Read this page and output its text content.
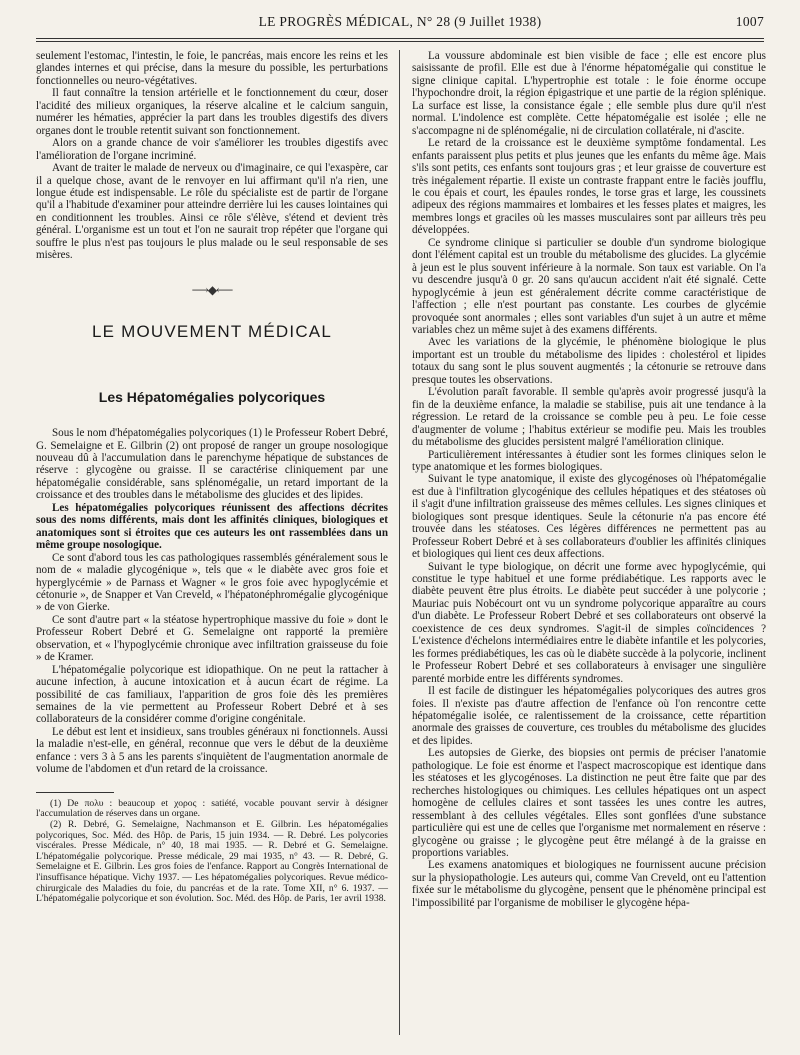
LE PROGRÈS MÉDICAL, N° 28 (9 Juillet 1938)	1007

seulement l'estomac, l'intestin, le foie, le pancréas, mais encore les reins et les glandes internes et qui précise, dans la mesure du possible, les perturbations fonctionnelles ou neuro-végétatives.

Il faut connaître la tension artérielle et le fonctionnement du cœur, doser l'acidité des milieux organiques, la réserve alcaline et le calcium sanguin, numérer les hématies, apprécier la part dans les troubles digestifs des divers organes dont le trouble retentit suivant son fonctionnement.

Alors on a grande chance de voir s'améliorer les troubles digestifs avec l'amélioration de l'organe incriminé.

Avant de traiter le malade de nerveux ou d'imaginaire, ce qui l'exaspère, car il a quelque chose, avant de le renvoyer en lui affirmant qu'il n'a rien, une longue étude est indispensable. Le rôle du spécialiste est de partir de l'organe qu'il a l'habitude d'examiner pour atteindre derrière lui les causes lointaines qui en conditionnent les troubles. Ainsi ce rôle s'élève, s'étend et devient très général. L'organisme est un tout et l'on ne saurait trop répéter que l'organe qui souffre le plus n'est pas toujours le plus malade ou le seul responsable de ses misères.

⟶◆⟵
LE MOUVEMENT MÉDICAL
Les Hépatomégalies polycoriques

Sous le nom d'hépatomégalies polycoriques (1) le Professeur Robert Debré, G. Semelaigne et E. Gilbrin (2) ont proposé de ranger un groupe nosologique nouveau dû à l'accumulation dans le parenchyme hépatique de substances de réserve : glycogène ou graisse. Il se caractérise cliniquement par une hépatomégalie considérable, sans splénomégalie, un retard important de la croissance et des troubles dans le métabolisme des glucides et des lipides.

Les hépatomégalies polycoriques réunissent des affections décrites sous des noms différents, mais dont les affinités cliniques, biologiques et anatomiques sont si étroites que ces auteurs les ont rassemblées dans un même groupe nosologique.

Ce sont d'abord tous les cas pathologiques rassemblés généralement sous le nom de « maladie glycogénique », tels que « le diabète avec gros foie et hyperglycémie » de Parnass et Wagner « le gros foie avec hypoglycémie et cétonurie », de Snapper et Van Creveld, « l'hépatonéphromégalie glycogénique » de von Gierke.

Ce sont d'autre part « la stéatose hypertrophique massive du foie » dont le Professeur Robert Debré et G. Semelaigne ont rapporté la première observation, et « l'hypoglycémie chronique avec infiltration graisseuse du foie » de Kramer.

L'hépatomégalie polycorique est idiopathique. On ne peut la rattacher à aucune infection, à aucune intoxication et à aucun écart de régime. La possibilité de cas familiaux, l'apparition de gros foie dès les premières semaines de la vie permettent au Professeur Robert Debré et à ses collaborateurs de la considérer comme d'origine congénitale.

Le début est lent et insidieux, sans troubles généraux ni fonctionnels. Aussi la maladie n'est-elle, en général, reconnue que vers le début de la deuxième enfance : vers 3 à 5 ans les parents s'inquiètent de l'augmentation anormale de volume de l'abdomen et d'un retard de la croissance.

(1) De πολυ : beaucoup et χορος : satiété, vocable pouvant servir à désigner l'accumulation de réserves dans un organe.

(2) R. Debré, G. Semelaigne, Nachmanson et E. Gilbrin. Les hépatomégalies polycoriques, Soc. Méd. des Hôp. de Paris, 15 juin 1934. — R. Debré. Les polycories viscérales. Presse Médicale, n° 40, 18 mai 1935. — R. Debré et G. Semelaigne. L'hépatomégalie polycorique. Presse médicale, 29 mai 1935, n° 43. — R. Debré, G. Semelaigne et E. Gilbrin. Les gros foies de l'enfance. Rapport au Congrès International de l'insuffisance hépatique. Vichy 1937. — Les hépatomégalies polycoriques. Revue médico-chirurgicale des Maladies du foie, du pancréas et de la rate. Tome XII, n° 6. 1937. — L'hépatomégalie polycorique et son évolution. Soc. Méd. des Hôp. de Paris, 1er avril 1938.

La voussure abdominale est bien visible de face ; elle est encore plus saisissante de profil. Elle est due à l'énorme hépatomégalie qui constitue le signe clinique capital. L'hypertrophie est totale : le foie énorme occupe l'hypochondre droit, la région épigastrique et une partie de la région splénique. La surface est lisse, la consistance égale ; elle semble plus dure qu'il n'est normal. L'indolence est complète. Cette hépatomégalie est isolée ; elle ne s'accompagne ni de splénomégalie, ni de circulation collatérale, ni d'ascite.

Le retard de la croissance est le deuxième symptôme fondamental. Les enfants paraissent plus petits et plus jeunes que les enfants du même âge. Mais s'ils sont petits, ces enfants sont toujours gras ; et leur graisse de couverture est très inégalement répartie. Il existe un contraste frappant entre le faciès joufflu, le cou épais et court, les épaules rondes, le torse gras et large, les coussinets adipeux des régions mammaires et lombaires et les fesses plates et maigres, les membres longs et graciles où les masses musculaires sont par ailleurs très peu développées.

Ce syndrome clinique si particulier se double d'un syndrome biologique dont l'élément capital est un trouble du métabolisme des glucides. La glycémie à jeun est le plus souvent inférieure à la normale. Son taux est variable. On l'a vu descendre jusqu'à 0 gr. 20 sans qu'aucun accident n'ait été signalé. Cette hypoglycémie à jeun est généralement décrite comme caractéristique de l'affection ; elle n'est pourtant pas constante. Les courbes de glycémie provoquée sont anormales ; elles sont variables d'un sujet à un autre et même variables chez un même sujet à des examens différents.

Avec les variations de la glycémie, le phénomène biologique le plus important est un trouble du métabolisme des lipides : cholestérol et lipides totaux du sang sont le plus souvent augmentés ; la cétonurie se retrouve dans presque toutes les observations.

L'évolution paraît favorable. Il semble qu'après avoir progressé jusqu'à la fin de la deuxième enfance, la maladie se stabilise, puis ait une tendance à la régression. Le retard de la croissance se comble peu à peu. Le foie cesse d'augmenter de volume ; l'habitus extérieur se modifie peu. Mais les troubles du métabolisme des glucides persistent malgré l'amélioration clinique.

Particulièrement intéressantes à étudier sont les formes cliniques selon le type anatomique et les formes biologiques.

Suivant le type anatomique, il existe des glycogénoses où l'hépatomégalie est due à l'infiltration glycogénique des cellules hépatiques et des stéatoses où il s'agit d'une infiltration graisseuse des mêmes cellules. Les signes cliniques et biologiques sont presque identiques. Seule la cétonurie n'a pas encore été trouvée dans les stéatoses. Ces légères différences ne permettent pas au Professeur Robert Debré et à ses collaborateurs d'oublier les affinités cliniques et biologiques qui lient ces deux affections.

Suivant le type biologique, on décrit une forme avec hypoglycémie, qui constitue le type habituel et une forme prédiabétique. Les rapports avec le diabète peuvent être plus étroits. Le diabète peut succéder à une polycorie ; Mauriac puis Nobécourt ont vu un syndrome polycorique apparaître au cours d'un diabète. Le Professeur Robert Debré et ses collaborateurs ont observé la coexistence de ces deux syndromes. S'agit-il de simples coïncidences ? L'existence d'échelons intermédiaires entre le diabète infantile et les polycories, les formes prédiabétiques, les cas où le diabète succède à la polycorie, inclinent le Professeur Robert Debré et ses collaborateurs à envisager une singulière parenté morbide entre les différents syndromes.

Il est facile de distinguer les hépatomégalies polycoriques des autres gros foies. Il n'existe pas d'autre affection de l'enfance où l'on rencontre cette hépatomégalie isolée, ce ralentissement de la croissance, cette répartition anormale des graisses de couverture, ces troubles du métabolisme des glucides et des lipides.

Les autopsies de Gierke, des biopsies ont permis de préciser l'anatomie pathologique. Le foie est énorme et l'aspect macroscopique est identique dans les stéatoses et les glycogénoses. La distinction ne peut être faite que par des recherches histologiques ou chimiques. Les cellules hépatiques ont un aspect homogène de cellules claires et sont tassées les unes contre les autres, ressemblant à des cellules végétales. Elles sont gonflées d'une substance particulière qui est une de celles que l'organisme met normalement en réserve : glycogène ou graisse ; le glycogène peut être mélangé à de la graisse en proportions variables.

Les examens anatomiques et biologiques ne fournissent aucune précision sur la physiopathologie. Les auteurs qui, comme Van Creveld, ont eu l'attention fixée sur le métabolisme du glycogène, pensent que le phénomène principal est l'impossibilité par l'organisme de mobiliser le glycogène hépa-
